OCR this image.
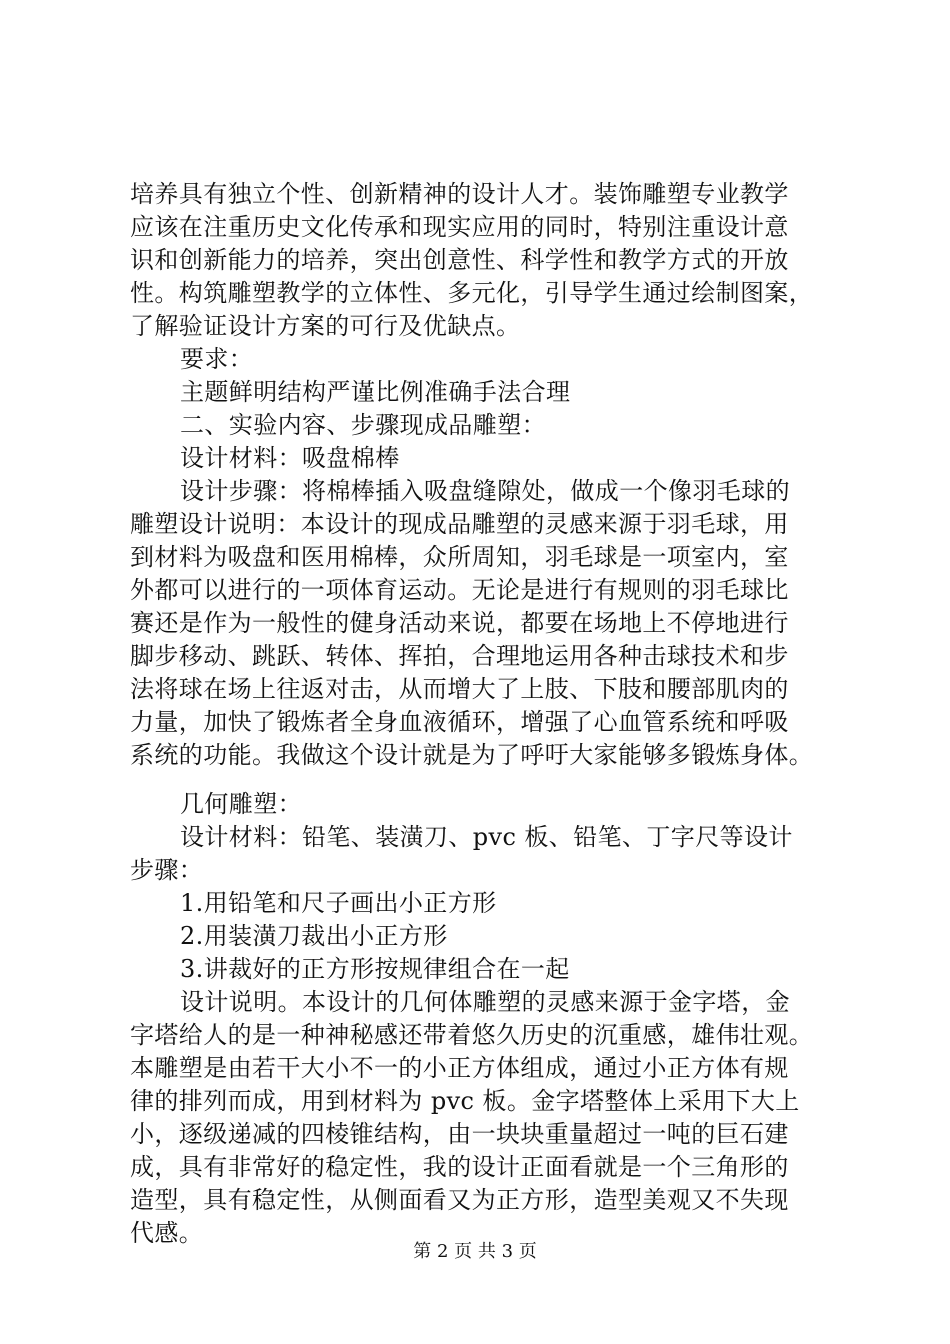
培养具有独立个性、创新精神的设计人才。装饰雕塑专业教学
应该在注重历史文化传承和现实应用的同时，特别注重设计意
识和创新能力的培养，突出创意性、科学性和教学方式的开放
性。构筑雕塑教学的立体性、多元化，引导学生通过绘制图案，
了解验证设计方案的可行及优缺点。
要求：
主题鲜明结构严谨比例准确手法合理
二、实验内容、步骤现成品雕塑：
设计材料：吸盘棉棒
设计步骤：将棉棒插入吸盘缝隙处，做成一个像羽毛球的
雕塑设计说明：本设计的现成品雕塑的灵感来源于羽毛球，用
到材料为吸盘和医用棉棒，众所周知，羽毛球是一项室内，室
外都可以进行的一项体育运动。无论是进行有规则的羽毛球比
赛还是作为一般性的健身活动来说，都要在场地上不停地进行
脚步移动、跳跃、转体、挥拍，合理地运用各种击球技术和步
法将球在场上往返对击，从而增大了上肢、下肢和腰部肌肉的
力量，加快了锻炼者全身血液循环，增强了心血管系统和呼吸
系统的功能。我做这个设计就是为了呼吁大家能够多锻炼身体。
几何雕塑：
设计材料：铅笔、装潢刀、pvc 板、铅笔、丁字尺等设计
步骤：
1.用铅笔和尺子画出小正方形
2.用装潢刀裁出小正方形
3.讲裁好的正方形按规律组合在一起
设计说明。本设计的几何体雕塑的灵感来源于金字塔，金
字塔给人的是一种神秘感还带着悠久历史的沉重感，雄伟壮观。
本雕塑是由若干大小不一的小正方体组成，通过小正方体有规
律的排列而成，用到材料为 pvc 板。金字塔整体上采用下大上
小，逐级递减的四棱锥结构，由一块块重量超过一吨的巨石建
成，具有非常好的稳定性，我的设计正面看就是一个三角形的
造型，具有稳定性，从侧面看又为正方形，造型美观又不失现
代感。
第 2 页 共 3 页
